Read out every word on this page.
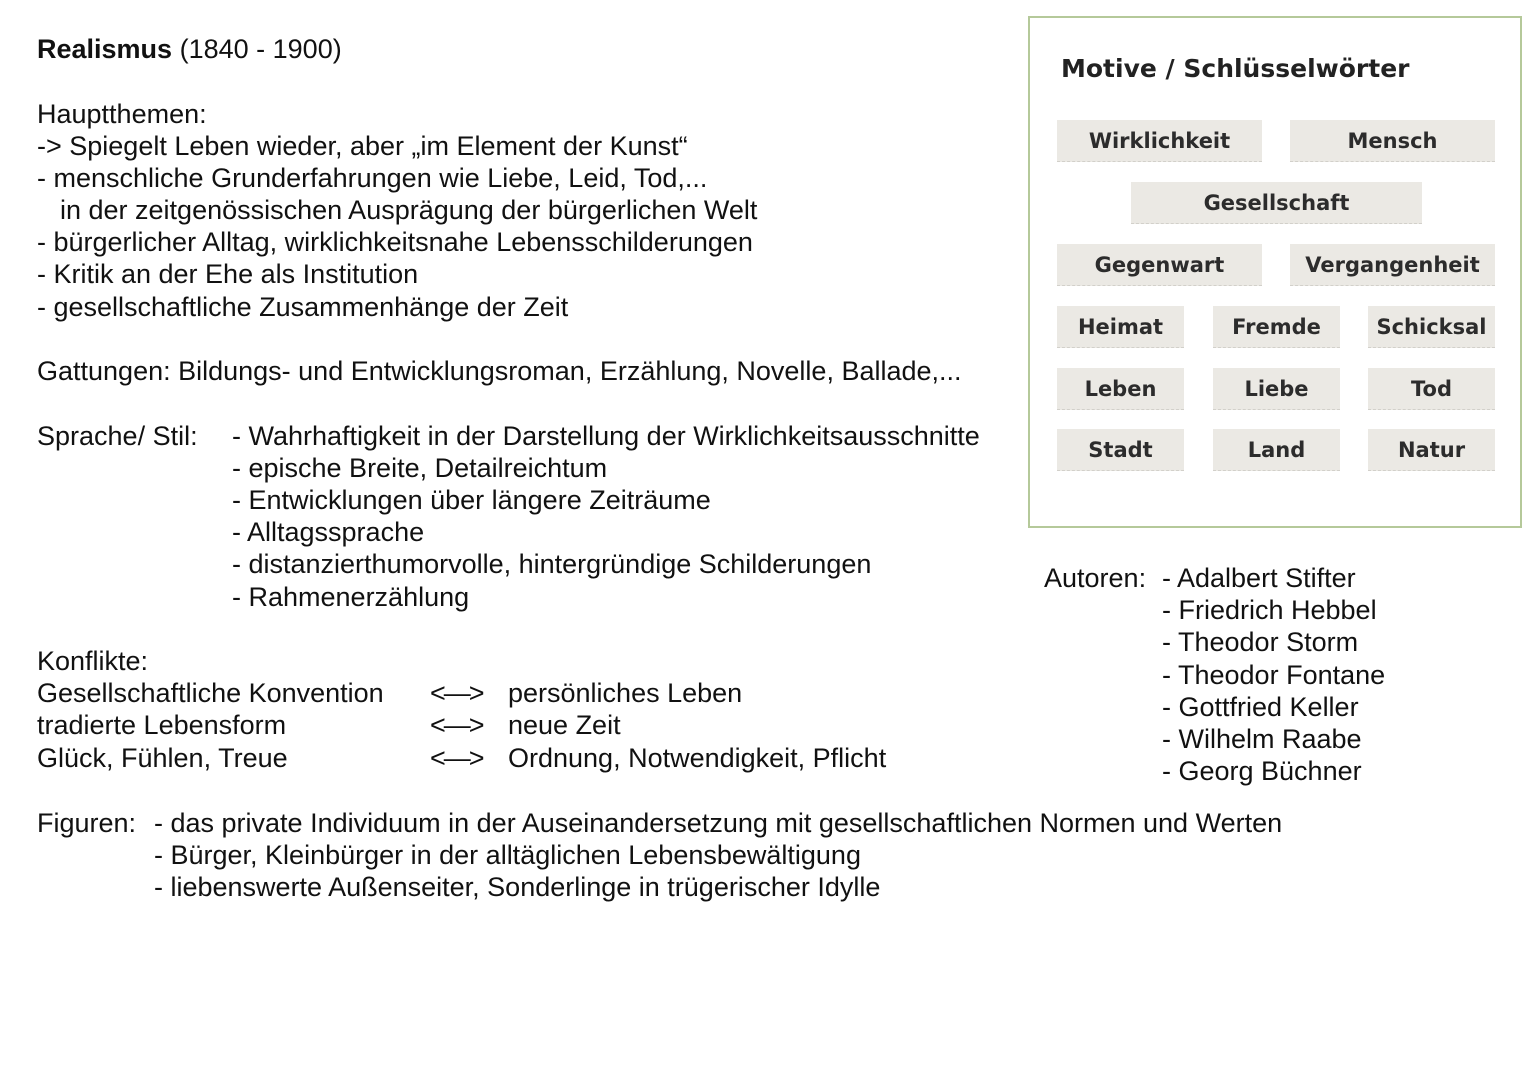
Realismus (1840 - 1900)
Hauptthemen:
-> Spiegelt Leben wieder, aber „im Element der Kunst“
- menschliche Grunderfahrungen wie Liebe, Leid, Tod,...
in der zeitgenössischen Ausprägung der bürgerlichen Welt
- bürgerlicher Alltag, wirklichkeitsnahe Lebensschilderungen
- Kritik an der Ehe als Institution
- gesellschaftliche Zusammenhänge der Zeit
Gattungen: Bildungs- und Entwicklungsroman, Erzählung, Novelle, Ballade,...
Sprache/ Stil: - Wahrhaftigkeit in der Darstellung der Wirklichkeitsausschnitte
- epische Breite, Detailreichtum
- Entwicklungen über längere Zeiträume
- Alltagssprache
- distanzierthumorvolle, hintergründige Schilderungen
- Rahmenerzählung
Konflikte:
Gesellschaftliche Konvention <—> persönliches Leben
tradierte Lebensform	<—> neue Zeit
Glück, Fühlen, Treue	<—> Ordnung, Notwendigkeit, Pflicht
Figuren: - das private Individuum in der Auseinandersetzung mit gesellschaftlichen Normen und Werten
- Bürger, Kleinbürger in der alltäglichen Lebensbewältigung
- liebenswerte Außenseiter, Sonderlinge in trügerischer Idylle
Motive / Schlüsselwörter
Wirklichkeit	Mensch
Gesellschaft
Gegenwart	Vergangenheit
Heimat	Fremde	Schicksal
Leben	Liebe	Tod
Stadt	Land	Natur
Autoren: - Adalbert Stifter
- Friedrich Hebbel
- Theodor Storm
- Theodor Fontane
- Gottfried Keller
- Wilhelm Raabe
- Georg Büchner
